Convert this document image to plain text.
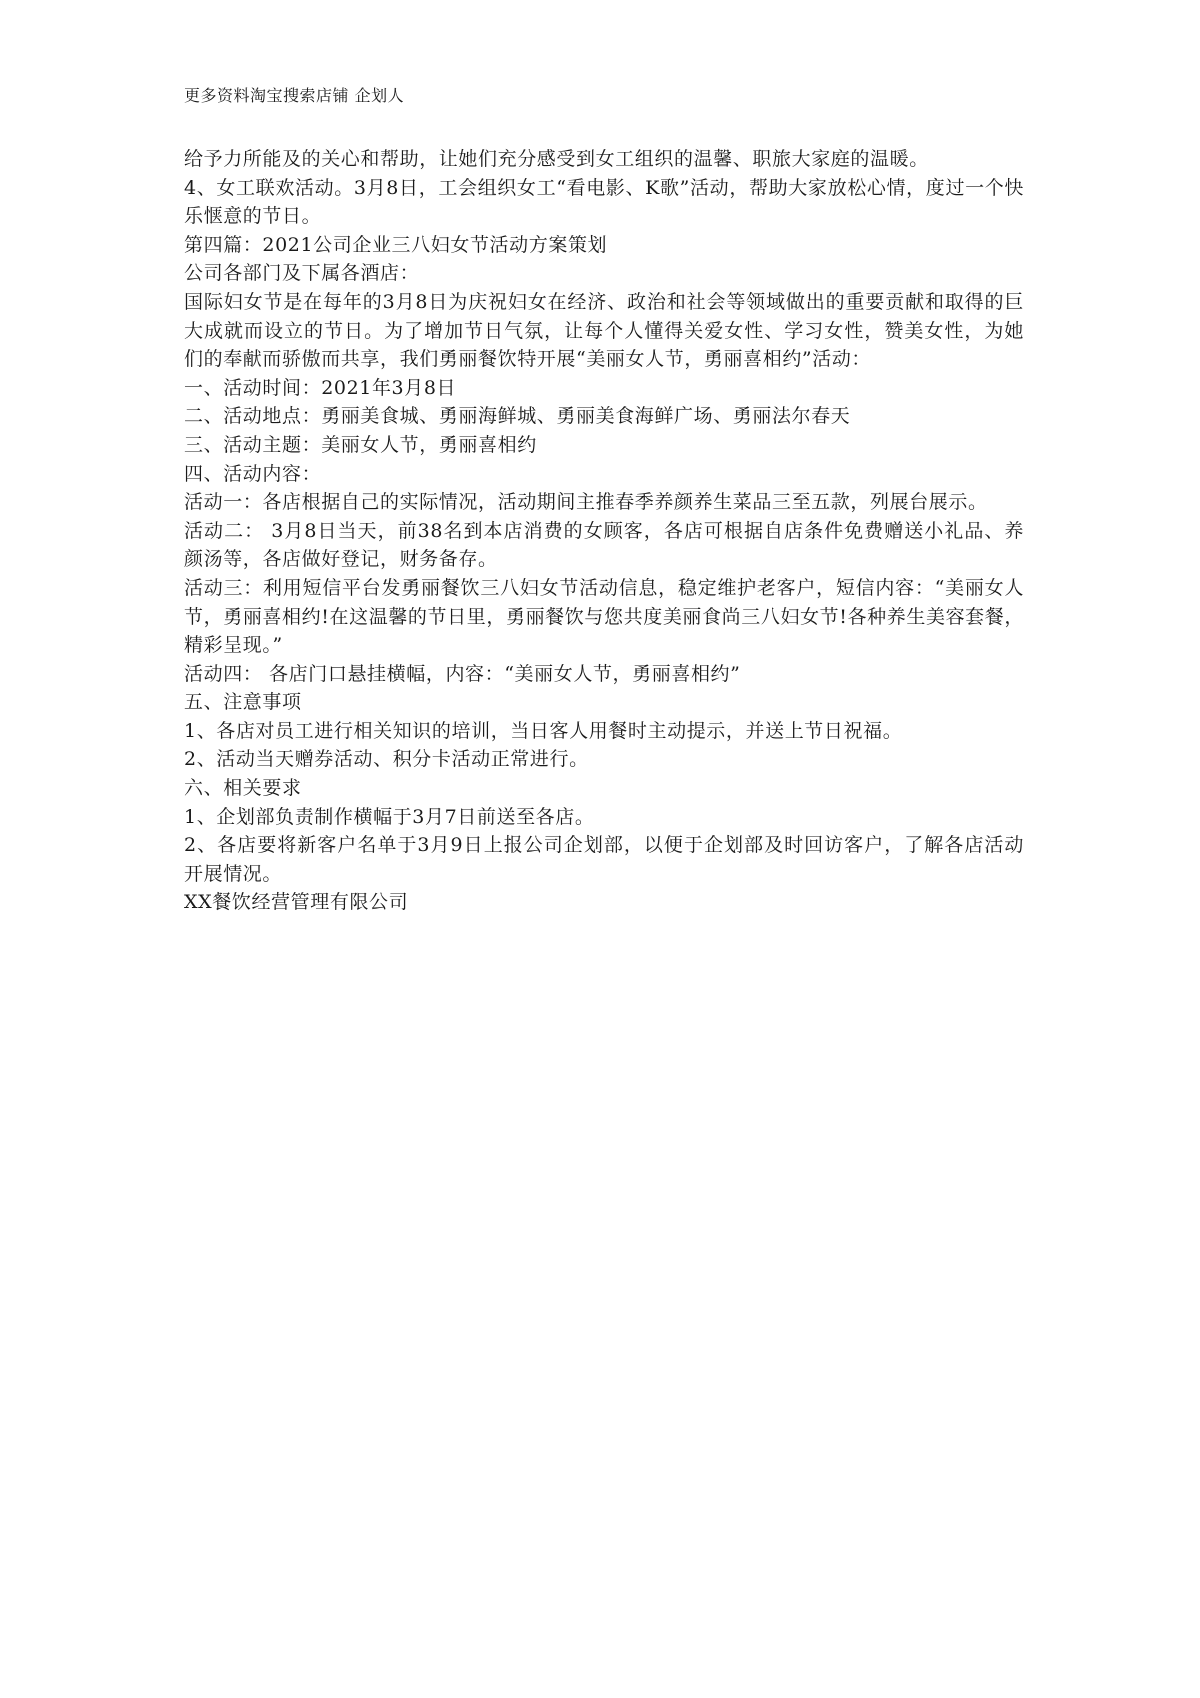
更多资料淘宝搜索店铺 企划人

给予力所能及的关心和帮助，让她们充分感受到女工组织的温馨、职旅大家庭的温暖。

4、女工联欢活动。3月8日，工会组织女工“看电影、K歌”活动，帮助大家放松心情，度过一个快乐惬意的节日。

第四篇：2021公司企业三八妇女节活动方案策划

公司各部门及下属各酒店：

国际妇女节是在每年的3月8日为庆祝妇女在经济、政治和社会等领域做出的重要贡献和取得的巨大成就而设立的节日。为了增加节日气氛，让每个人懂得关爱女性、学习女性，赞美女性，为她们的奉献而骄傲而共享，我们勇丽餐饮特开展“美丽女人节，勇丽喜相约”活动：

一、活动时间：2021年3月8日

二、活动地点：勇丽美食城、勇丽海鲜城、勇丽美食海鲜广场、勇丽法尔春天

三、活动主题：美丽女人节，勇丽喜相约

四、活动内容：

活动一：各店根据自己的实际情况，活动期间主推春季养颜养生菜品三至五款，列展台展示。

活动二： 3月8日当天，前38名到本店消费的女顾客，各店可根据自店条件免费赠送小礼品、养颜汤等，各店做好登记，财务备存。

活动三：利用短信平台发勇丽餐饮三八妇女节活动信息，稳定维护老客户，短信内容：“美丽女人节，勇丽喜相约!在这温馨的节日里，勇丽餐饮与您共度美丽食尚三八妇女节!各种养生美容套餐，精彩呈现。”

活动四： 各店门口悬挂横幅，内容：“美丽女人节，勇丽喜相约”

五、注意事项

1、各店对员工进行相关知识的培训，当日客人用餐时主动提示，并送上节日祝福。

2、活动当天赠券活动、积分卡活动正常进行。

六、相关要求

1、企划部负责制作横幅于3月7日前送至各店。

2、各店要将新客户名单于3月9日上报公司企划部，以便于企划部及时回访客户，了解各店活动开展情况。

XX餐饮经营管理有限公司
